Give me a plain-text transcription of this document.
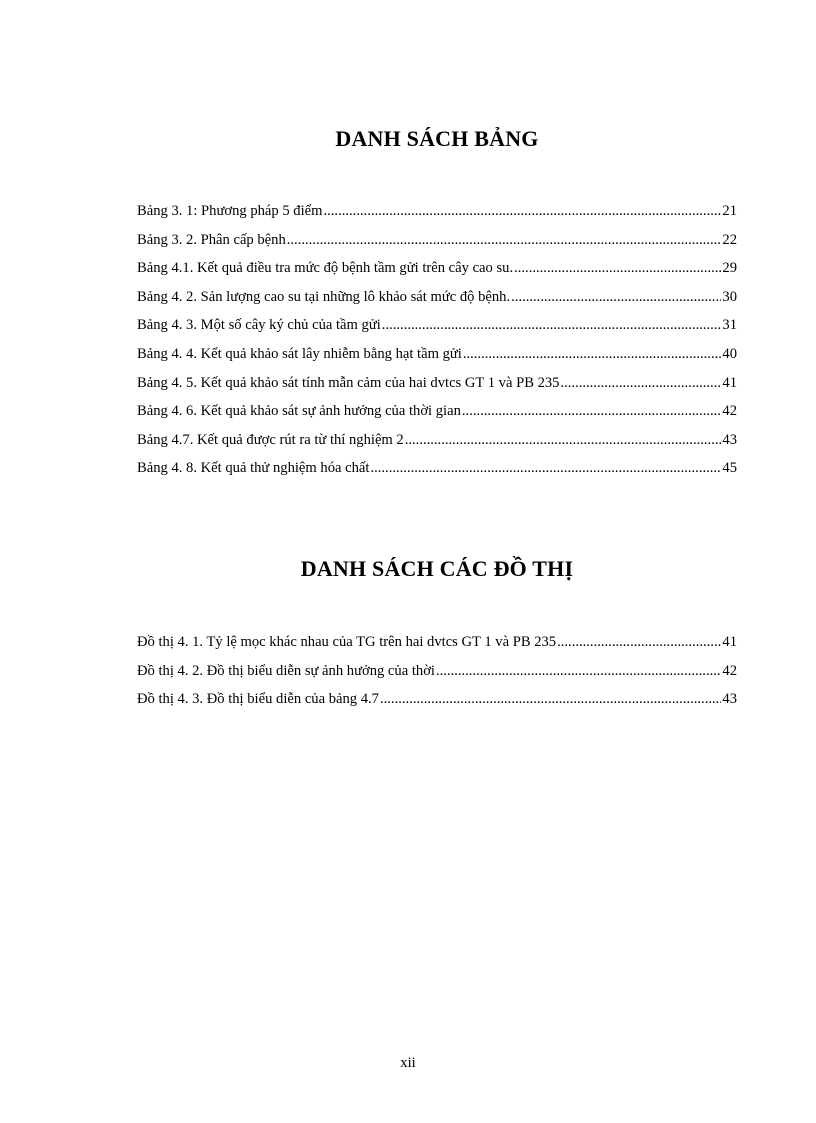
DANH SÁCH BẢNG
Bảng 3. 1: Phương pháp 5 điểm .....	21
Bảng 3. 2. Phân cấp bệnh .....	22
Bảng 4.1. Kết quả điều tra mức độ bệnh tầm gửi trên cây cao su. .....	29
Bảng 4. 2. Sản lượng cao su tại những lô khảo sát mức độ bệnh. .....	30
Bảng 4. 3. Một số cây ký chủ của tầm gửi .....	31
Bảng 4. 4. Kết quả khảo sát lây nhiễm bằng hạt tầm gửi .....	40
Bảng 4. 5. Kết quả khảo sát tính mẫn cảm của hai dvtcs GT 1 và PB 235 .....	41
Bảng 4. 6. Kết quả khảo sát sự ảnh hưởng của thời gian .....	42
Bảng 4.7. Kết quả được rút ra từ thí nghiệm 2 .....	43
Bảng 4. 8. Kết quả thử nghiệm hóa chất .....	45
DANH SÁCH CÁC ĐỒ THỊ
Đồ thị 4. 1. Tỷ lệ mọc khác nhau của TG trên hai dvtcs GT 1 và PB 235 .....	41
Đồ thị 4. 2. Đồ thị biểu diễn sự ảnh hưởng của thời .....	42
Đồ thị 4. 3. Đồ thị biểu diễn của bảng 4.7 .....	43
xii
